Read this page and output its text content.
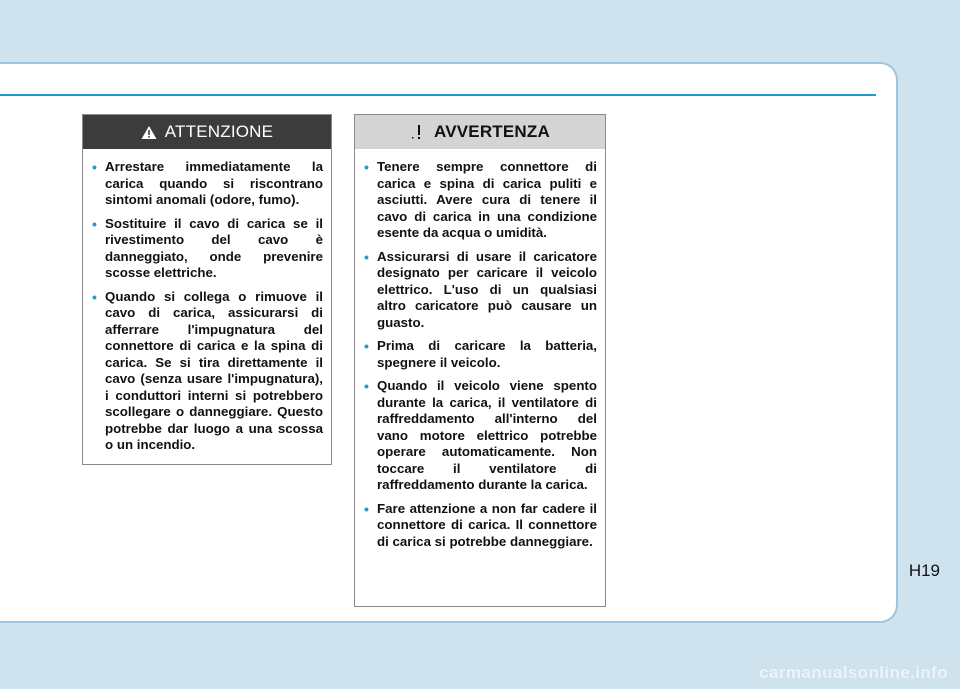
ATTENZIONE
• Arrestare immediatamente la carica quando si riscontrano sintomi anomali (odore, fumo).
• Sostituire il cavo di carica se il rivestimento del cavo è danneggiato, onde prevenire scosse elettriche.
• Quando si collega o rimuove il cavo di carica, assicurarsi di afferrare l'impugnatura del connettore di carica e la spina di carica. Se si tira direttamente il cavo (senza usare l'impugnatura), i conduttori interni si potrebbero scollegare o danneggiare. Questo potrebbe dar luogo a una scossa o un incendio.
AVVERTENZA
• Tenere sempre connettore di carica e spina di carica puliti e asciutti. Avere cura di tenere il cavo di carica in una condizione esente da acqua o umidità.
• Assicurarsi di usare il caricatore designato per caricare il veicolo elettrico. L'uso di un qualsiasi altro caricatore può causare un guasto.
• Prima di caricare la batteria, spegnere il veicolo.
• Quando il veicolo viene spento durante la carica, il ventilatore di raffreddamento all'interno del vano motore elettrico potrebbe operare automaticamente. Non toccare il ventilatore di raffreddamento durante la carica.
• Fare attenzione a non far cadere il connettore di carica. Il connettore di carica si potrebbe danneggiare.
H19
carmanualsonline.info
